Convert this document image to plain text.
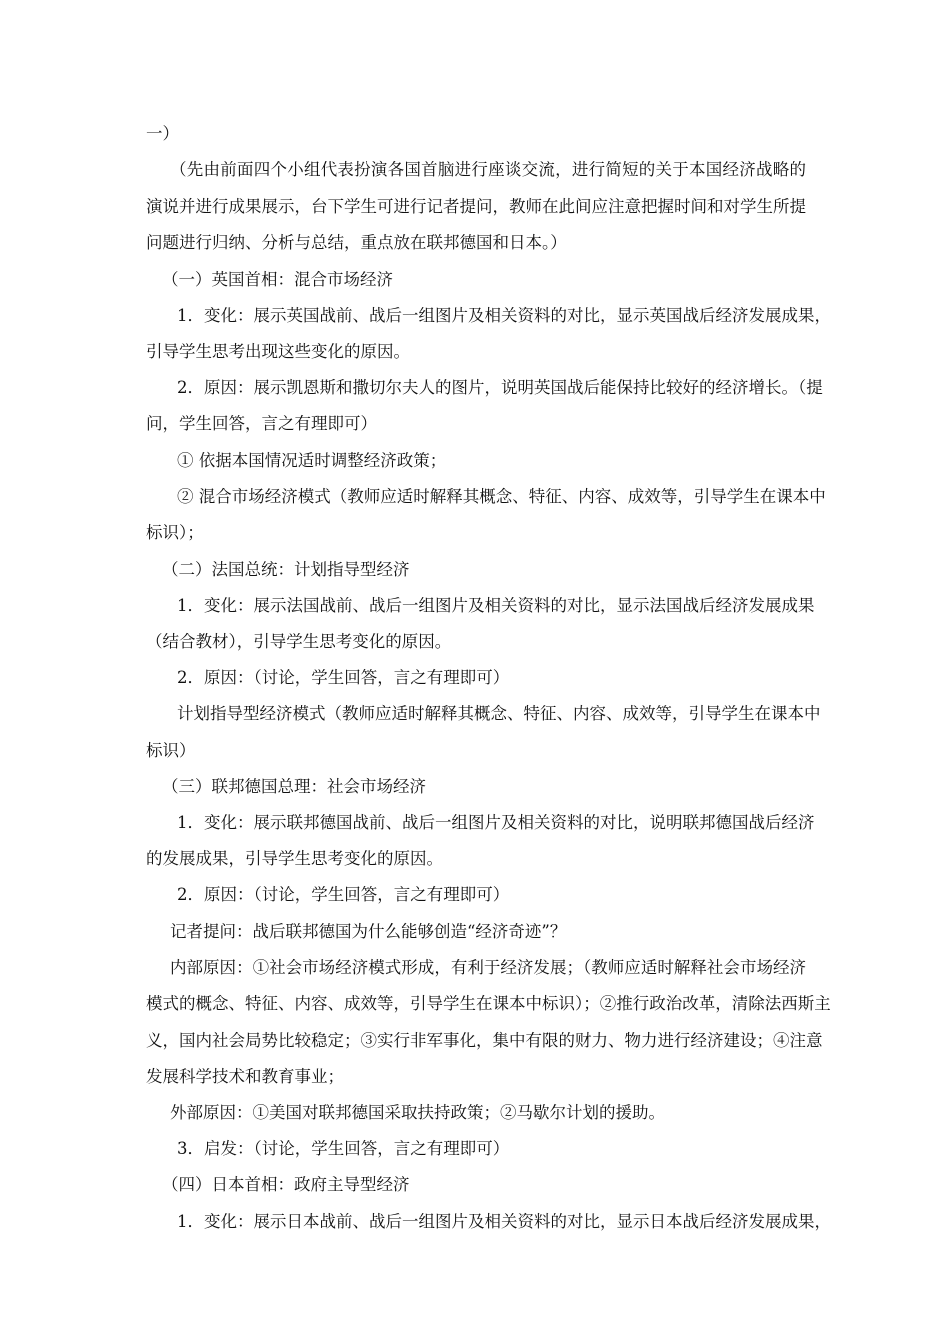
一）
（先由前面四个小组代表扮演各国首脑进行座谈交流，进行简短的关于本国经济战略的
演说并进行成果展示，台下学生可进行记者提问，教师在此间应注意把握时间和对学生所提
问题进行归纳、分析与总结，重点放在联邦德国和日本。）
（一）英国首相：混合市场经济
1．变化：展示英国战前、战后一组图片及相关资料的对比，显示英国战后经济发展成果，
引导学生思考出现这些变化的原因。
2．原因：展示凯恩斯和撒切尔夫人的图片，说明英国战后能保持比较好的经济增长。（提
问，学生回答，言之有理即可）
① 依据本国情况适时调整经济政策；
② 混合市场经济模式（教师应适时解释其概念、特征、内容、成效等，引导学生在课本中
标识）；
（二）法国总统：计划指导型经济
1．变化：展示法国战前、战后一组图片及相关资料的对比，显示法国战后经济发展成果
（结合教材），引导学生思考变化的原因。
2．原因：（讨论，学生回答，言之有理即可）
计划指导型经济模式（教师应适时解释其概念、特征、内容、成效等，引导学生在课本中
标识）
（三）联邦德国总理：社会市场经济
1．变化：展示联邦德国战前、战后一组图片及相关资料的对比，说明联邦德国战后经济
的发展成果，引导学生思考变化的原因。
2．原因：（讨论，学生回答，言之有理即可）
记者提问：战后联邦德国为什么能够创造“经济奇迹”？
内部原因：①社会市场经济模式形成，有利于经济发展；（教师应适时解释社会市场经济
模式的概念、特征、内容、成效等，引导学生在课本中标识）；②推行政治改革，清除法西斯主
义，国内社会局势比较稳定；③实行非军事化，集中有限的财力、物力进行经济建设；④注意
发展科学技术和教育事业；
外部原因：①美国对联邦德国采取扶持政策；②马歇尔计划的援助。
3．启发：（讨论，学生回答，言之有理即可）
（四）日本首相：政府主导型经济
1．变化：展示日本战前、战后一组图片及相关资料的对比，显示日本战后经济发展成果，
